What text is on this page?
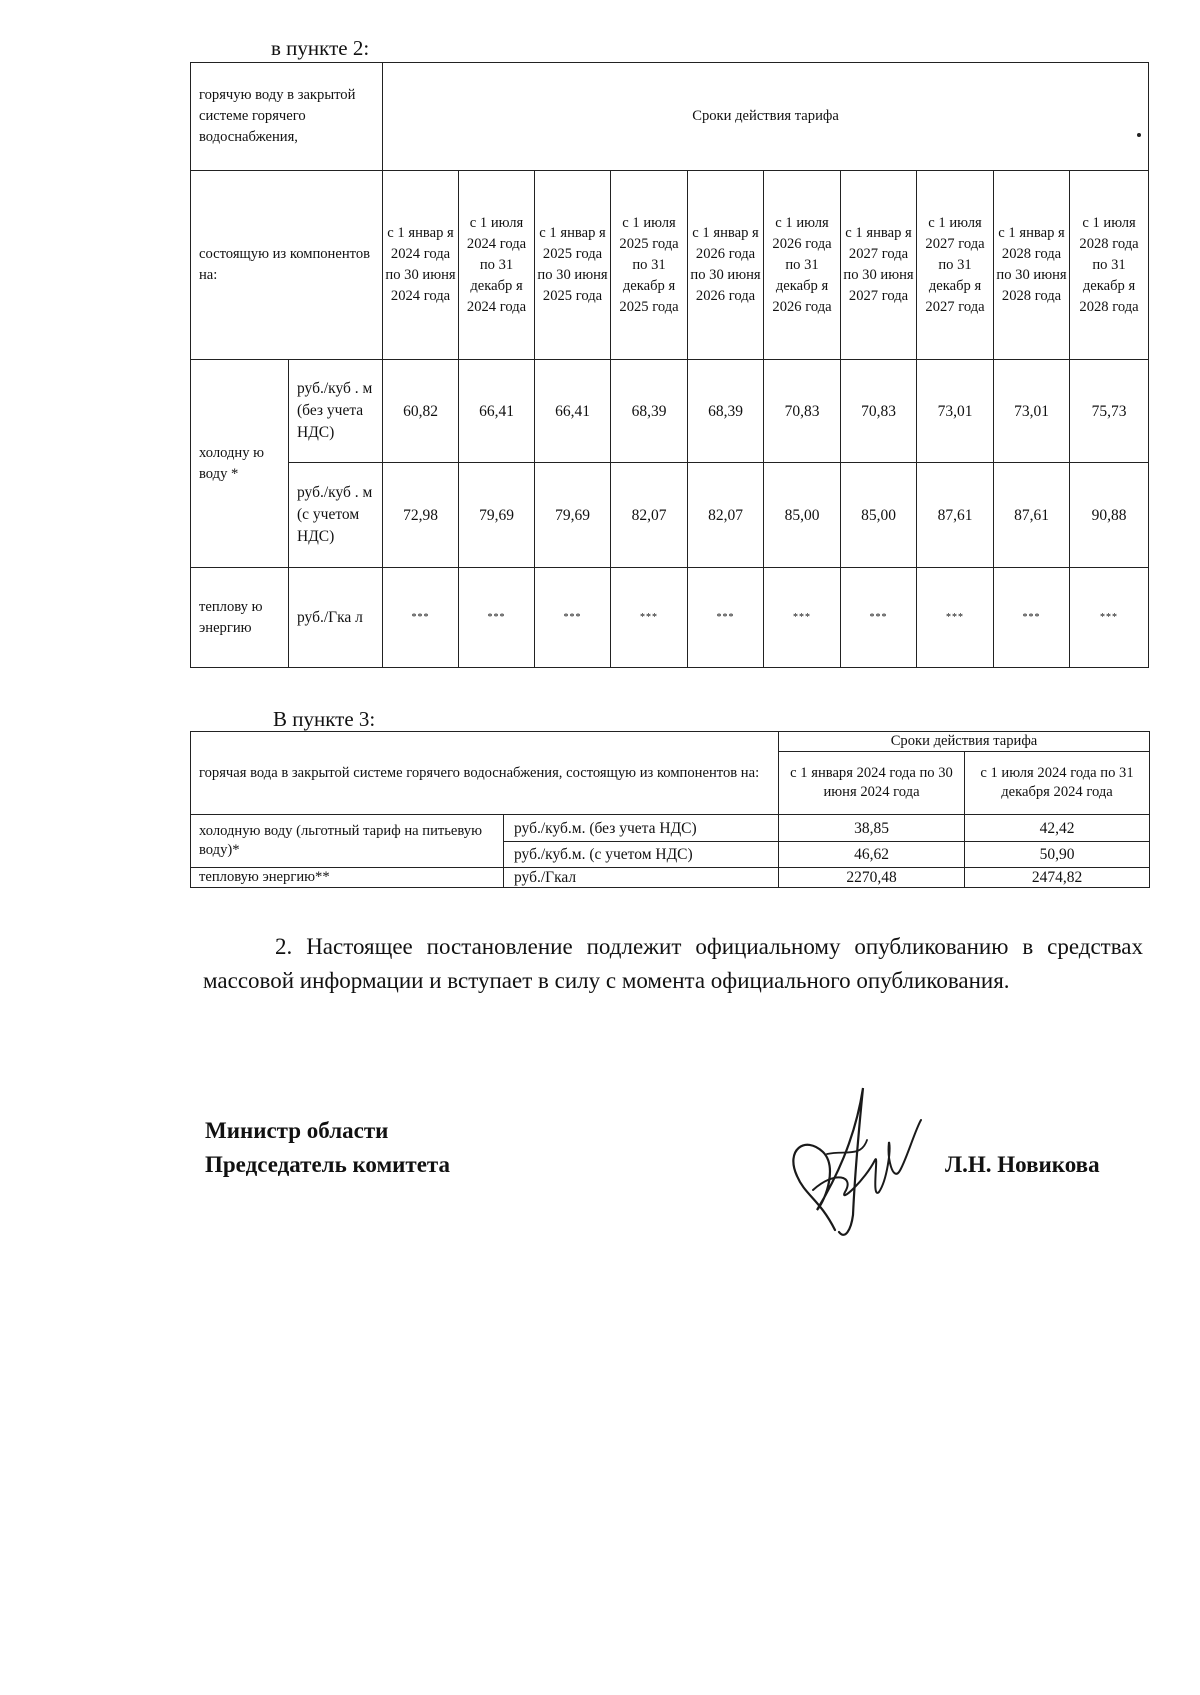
в пункте 2:
горячую воду в закрытой системе горячего водоснабжения,		Сроки действия тарифа									

состоящую из компонентов на:		с 1 январ я 2024 года по 30 июня 2024 года	с 1 июля 2024 года по 31 декабр я 2024 года	с 1 январ я 2025 года по 30 июня 2025 года	с 1 июля 2025 года по 31 декабр я 2025 года	с 1 январ я 2026 года по 30 июня 2026 года	с 1 июля 2026 года по 31 декабр я 2026 года	с 1 январ я 2027 года по 30 июня 2027 года	с 1 июля 2027 года по 31 декабр я 2027 года	с 1 январ я 2028 года по 30 июня 2028 года	с 1 июля 2028 года по 31 декабр я 2028 года
холодну ю воду *	руб./куб . м (без учета НДС)	60,82	66,41	66,41	68,39	68,39	70,83	70,83	73,01	73,01	75,73
	руб./куб . м (с учетом НДС)	72,98	79,69	79,69	82,07	82,07	85,00	85,00	87,61	87,61	90,88
теплову ю энергию	руб./Гка л	***	***	***	***	***	***	***	***	***	***
В пункте 3:
горячая вода в закрытой системе горячего водоснабжения, состоящую из компонентов на:		Сроки действия тарифа	
		с 1 января 2024 года по 30 июня 2024 года	с 1 июля 2024 года по 31 декабря 2024 года
холодную воду (льготный тариф на питьевую воду)*	руб./куб.м. (без учета НДС)	38,85	42,42
	руб./куб.м. (с учетом НДС)	46,62	50,90
тепловую энергию**	руб./Гкал	2270,48	2474,82
2. Настоящее постановление подлежит официальному опубликованию в средствах массовой информации и вступает в силу с момента официального опубликования.
Министр области
Председатель комитета	Л.Н. Новикова
